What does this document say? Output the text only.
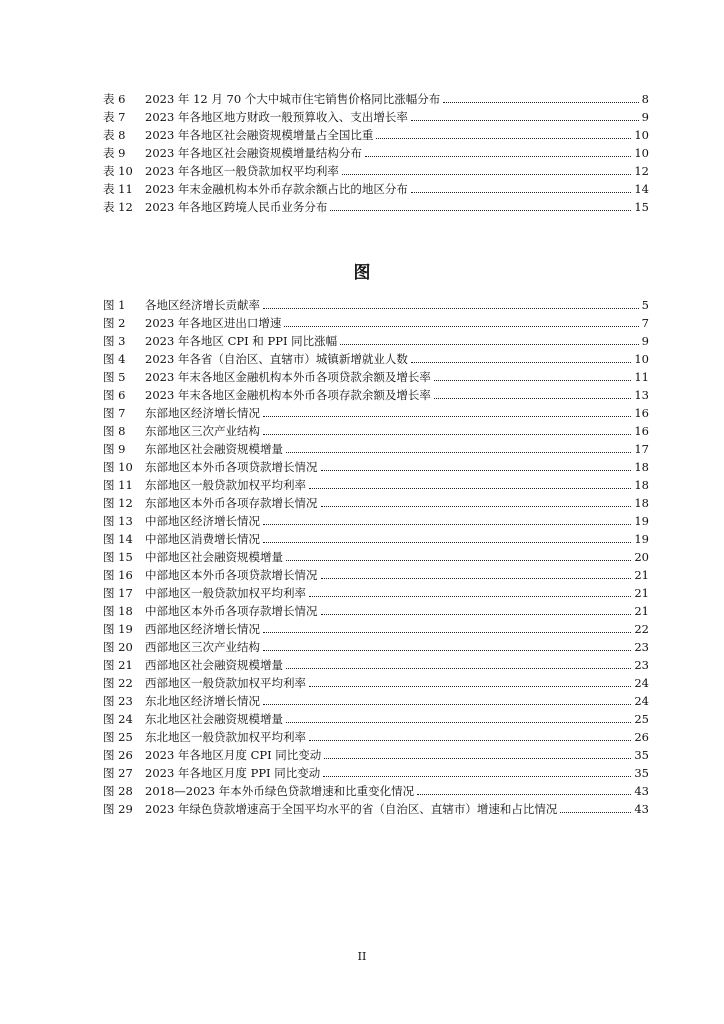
表 6	2023 年 12 月 70 个大中城市住宅销售价格同比涨幅分布	8
表 7	2023 年各地区地方财政一般预算收入、支出增长率	9
表 8	2023 年各地区社会融资规模增量占全国比重	10
表 9	2023 年各地区社会融资规模增量结构分布	10
表 10	2023 年各地区一般贷款加权平均利率	12
表 11	2023 年末金融机构本外币存款余额占比的地区分布	14
表 12	2023 年各地区跨境人民币业务分布	15
图
图 1	各地区经济增长贡献率	5
图 2	2023 年各地区进出口增速	7
图 3	2023 年各地区 CPI 和 PPI 同比涨幅	9
图 4	2023 年各省（自治区、直辖市）城镇新增就业人数	10
图 5	2023 年末各地区金融机构本外币各项贷款余额及增长率	11
图 6	2023 年末各地区金融机构本外币各项存款余额及增长率	13
图 7	东部地区经济增长情况	16
图 8	东部地区三次产业结构	16
图 9	东部地区社会融资规模增量	17
图 10	东部地区本外币各项贷款增长情况	18
图 11	东部地区一般贷款加权平均利率	18
图 12	东部地区本外币各项存款增长情况	18
图 13	中部地区经济增长情况	19
图 14	中部地区消费增长情况	19
图 15	中部地区社会融资规模增量	20
图 16	中部地区本外币各项贷款增长情况	21
图 17	中部地区一般贷款加权平均利率	21
图 18	中部地区本外币各项存款增长情况	21
图 19	西部地区经济增长情况	22
图 20	西部地区三次产业结构	23
图 21	西部地区社会融资规模增量	23
图 22	西部地区一般贷款加权平均利率	24
图 23	东北地区经济增长情况	24
图 24	东北地区社会融资规模增量	25
图 25	东北地区一般贷款加权平均利率	26
图 26	2023 年各地区月度 CPI 同比变动	35
图 27	2023 年各地区月度 PPI 同比变动	35
图 28	2018—2023 年本外币绿色贷款增速和比重变化情况	43
图 29	2023 年绿色贷款增速高于全国平均水平的省（自治区、直辖市）增速和占比情况	43
II
